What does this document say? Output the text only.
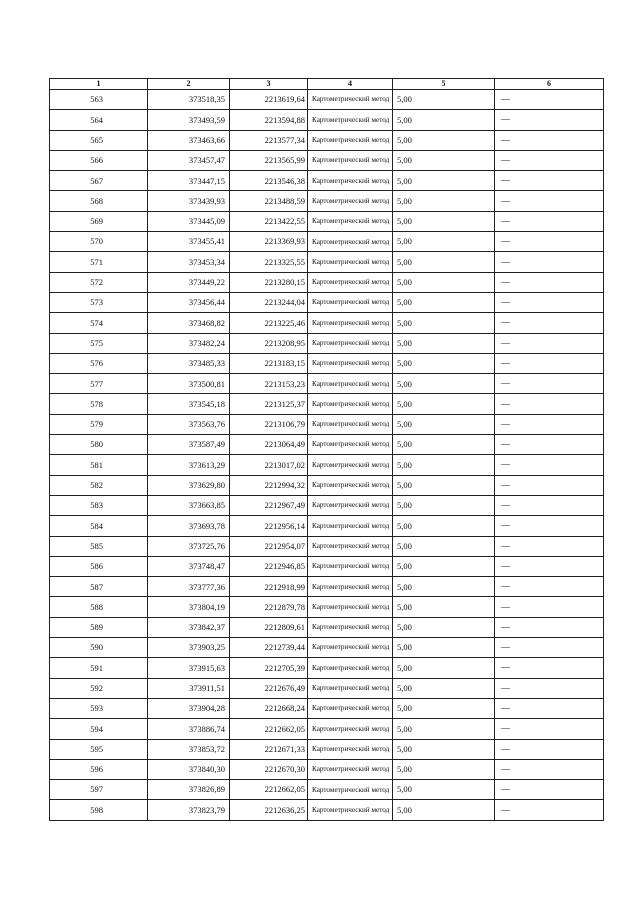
1	2	3	4	5	6
563	373518,35	2213619,64	Картометрический метод	5,00	—
564	373493,59	2213594,88	Картометрический метод	5,00	—
565	373463,66	2213577,34	Картометрический метод	5,00	—
566	373457,47	2213565,99	Картометрический метод	5,00	—
567	373447,15	2213546,38	Картометрический метод	5,00	—
568	373439,93	2213488,59	Картометрический метод	5,00	—
569	373445,09	2213422,55	Картометрический метод	5,00	—
570	373455,41	2213369,93	Картометрический метод	5,00	—
571	373453,34	2213325,55	Картометрический метод	5,00	—
572	373449,22	2213280,15	Картометрический метод	5,00	—
573	373456,44	2213244,04	Картометрический метод	5,00	—
574	373468,82	2213225,46	Картометрический метод	5,00	—
575	373482,24	2213208,95	Картометрический метод	5,00	—
576	373485,33	2213183,15	Картометрический метод	5,00	—
577	373500,81	2213153,23	Картометрический метод	5,00	—
578	373545,18	2213125,37	Картометрический метод	5,00	—
579	373563,76	2213106,79	Картометрический метод	5,00	—
580	373587,49	2213064,49	Картометрический метод	5,00	—
581	373613,29	2213017,02	Картометрический метод	5,00	—
582	373629,80	2212994,32	Картометрический метод	5,00	—
583	373663,85	2212967,49	Картометрический метод	5,00	—
584	373693,78	2212956,14	Картометрический метод	5,00	—
585	373725,76	2212954,07	Картометрический метод	5,00	—
586	373748,47	2212946,85	Картометрический метод	5,00	—
587	373777,36	2212918,99	Картометрический метод	5,00	—
588	373804,19	2212879,78	Картометрический метод	5,00	—
589	373842,37	2212809,61	Картометрический метод	5,00	—
590	373903,25	2212739,44	Картометрический метод	5,00	—
591	373915,63	2212705,39	Картометрический метод	5,00	—
592	373911,51	2212676,49	Картометрический метод	5,00	—
593	373904,28	2212668,24	Картометрический метод	5,00	—
594	373886,74	2212662,05	Картометрический метод	5,00	—
595	373853,72	2212671,33	Картометрический метод	5,00	—
596	373840,30	2212670,30	Картометрический метод	5,00	—
597	373826,89	2212662,05	Картометрический метод	5,00	—
598	373823,79	2212636,25	Картометрический метод	5,00	—
